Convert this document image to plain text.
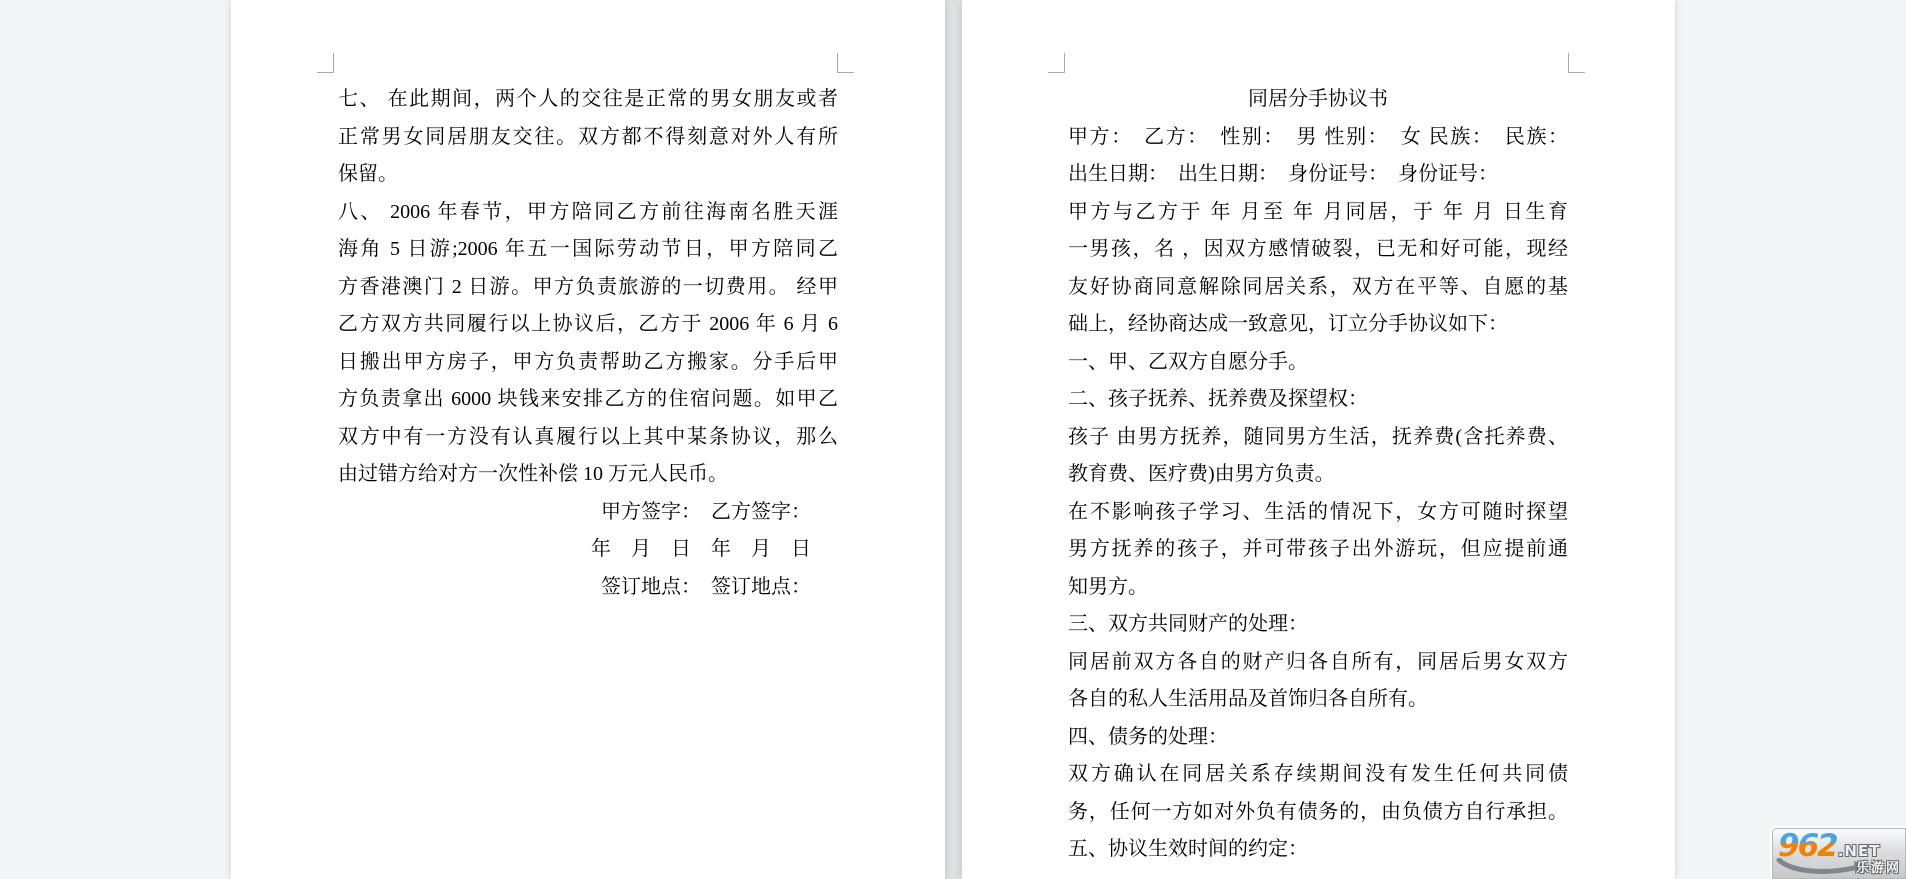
七、 在此期间，两个人的交往是正常的男女朋友或者
正常男女同居朋友交往。双方都不得刻意对外人有所
保留。
八、 2006 年春节，甲方陪同乙方前往海南名胜天涯
海角 5 日游;2006 年五一国际劳动节日，甲方陪同乙
方香港澳门 2 日游。甲方负责旅游的一切费用。 经甲
乙方双方共同履行以上协议后，乙方于 2006 年 6 月 6
日搬出甲方房子，甲方负责帮助乙方搬家。分手后甲
方负责拿出 6000 块钱来安排乙方的住宿问题。如甲乙
双方中有一方没有认真履行以上其中某条协议，那么
由过错方给对方一次性补偿 10 万元人民币。
甲方签字：　乙方签字：
年　月　日　年　月　日
签订地点：　签订地点：
同居分手协议书
甲方：　乙方：　性别：　男 性别：　女 民族：　民族：
出生日期：　出生日期：　身份证号：　身份证号：
甲方与乙方于 年 月至 年 月同居，于 年 月 日生育
一男孩，名 ，因双方感情破裂，已无和好可能，现经
友好协商同意解除同居关系，双方在平等、自愿的基
础上，经协商达成一致意见，订立分手协议如下：
一、甲、乙双方自愿分手。
二、孩子抚养、抚养费及探望权：
孩子 由男方抚养，随同男方生活，抚养费(含托养费、
教育费、医疗费)由男方负责。
在不影响孩子学习、生活的情况下，女方可随时探望
男方抚养的孩子，并可带孩子出外游玩，但应提前通
知男方。
三、双方共同财产的处理：
同居前双方各自的财产归各自所有，同居后男女双方
各自的私人生活用品及首饰归各自所有。
四、债务的处理：
双方确认在同居关系存续期间没有发生任何共同债
务，任何一方如对外负有债务的，由负债方自行承担。
五、协议生效时间的约定：	962 .NET
乐游网
